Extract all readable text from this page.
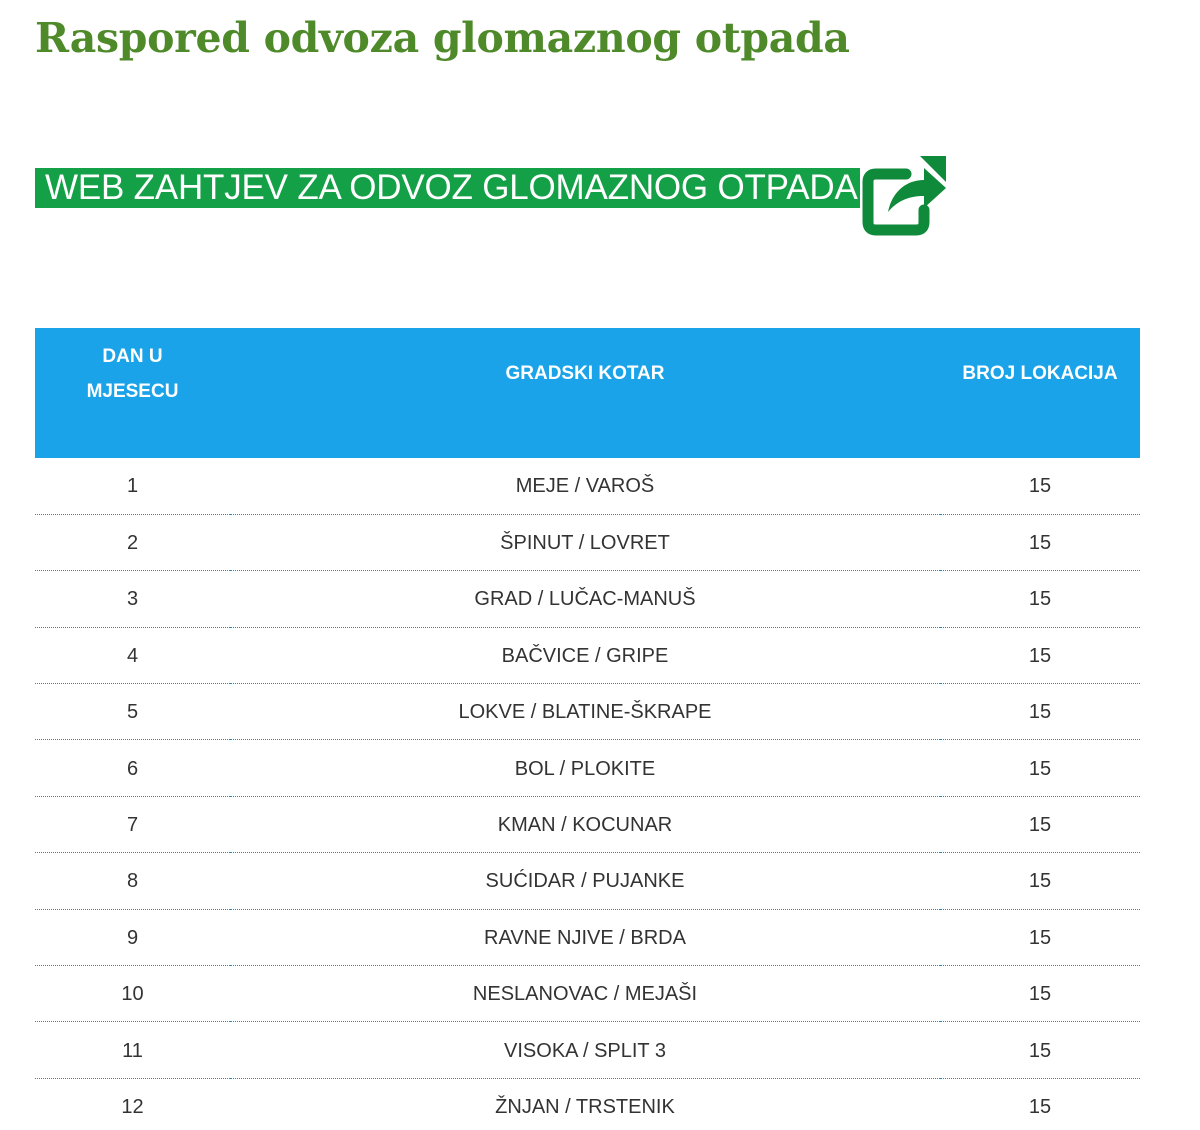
Raspored odvoza glomaznog otpada
WEB ZAHTJEV ZA ODVOZ GLOMAZNOG OTPADA
DAN U
MJESECU	GRADSKI KOTAR	BROJ LOKACIJA
1	MEJE / VAROŠ	15
2	ŠPINUT / LOVRET	15
3	GRAD / LUČAC-MANUŠ	15
4	BAČVICE / GRIPE	15
5	LOKVE / BLATINE-ŠKRAPE	15
6	BOL / PLOKITE	15
7	KMAN / KOCUNAR	15
8	SUĆIDAR / PUJANKE	15
9	RAVNE NJIVE / BRDA	15
10	NESLANOVAC / MEJAŠI	15
11	VISOKA / SPLIT 3	15
12	ŽNJAN / TRSTENIK	15
